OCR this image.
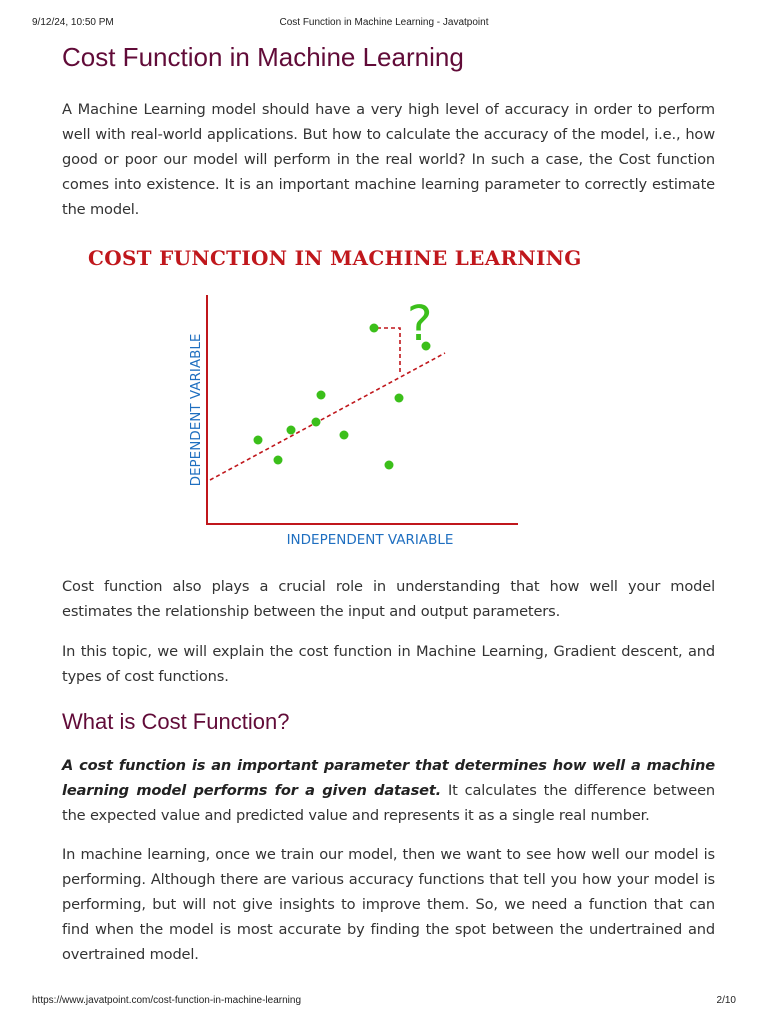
9/12/24, 10:50 PM	Cost Function in Machine Learning - Javatpoint
Cost Function in Machine Learning

A Machine Learning model should have a very high level of accuracy in order to perform well with real-world applications. But how to calculate the accuracy of the model, i.e., how good or poor our model will perform in the real world? In such a case, the Cost function comes into existence. It is an important machine learning parameter to correctly estimate the model.

COST FUNCTION IN MACHINE LEARNING
?
INDEPENDENT VARIABLE
DEPENDENT VARIABLE

Cost function also plays a crucial role in understanding that how well your model estimates the relationship between the input and output parameters.

In this topic, we will explain the cost function in Machine Learning, Gradient descent, and types of cost functions.

What is Cost Function?

A cost function is an important parameter that determines how well a machine learning model performs for a given dataset. It calculates the difference between the expected value and predicted value and represents it as a single real number.

In machine learning, once we train our model, then we want to see how well our model is performing. Although there are various accuracy functions that tell you how your model is performing, but will not give insights to improve them. So, we need a function that can find when the model is most accurate by finding the spot between the undertrained and overtrained model.

https://www.javatpoint.com/cost-function-in-machine-learning	2/10
